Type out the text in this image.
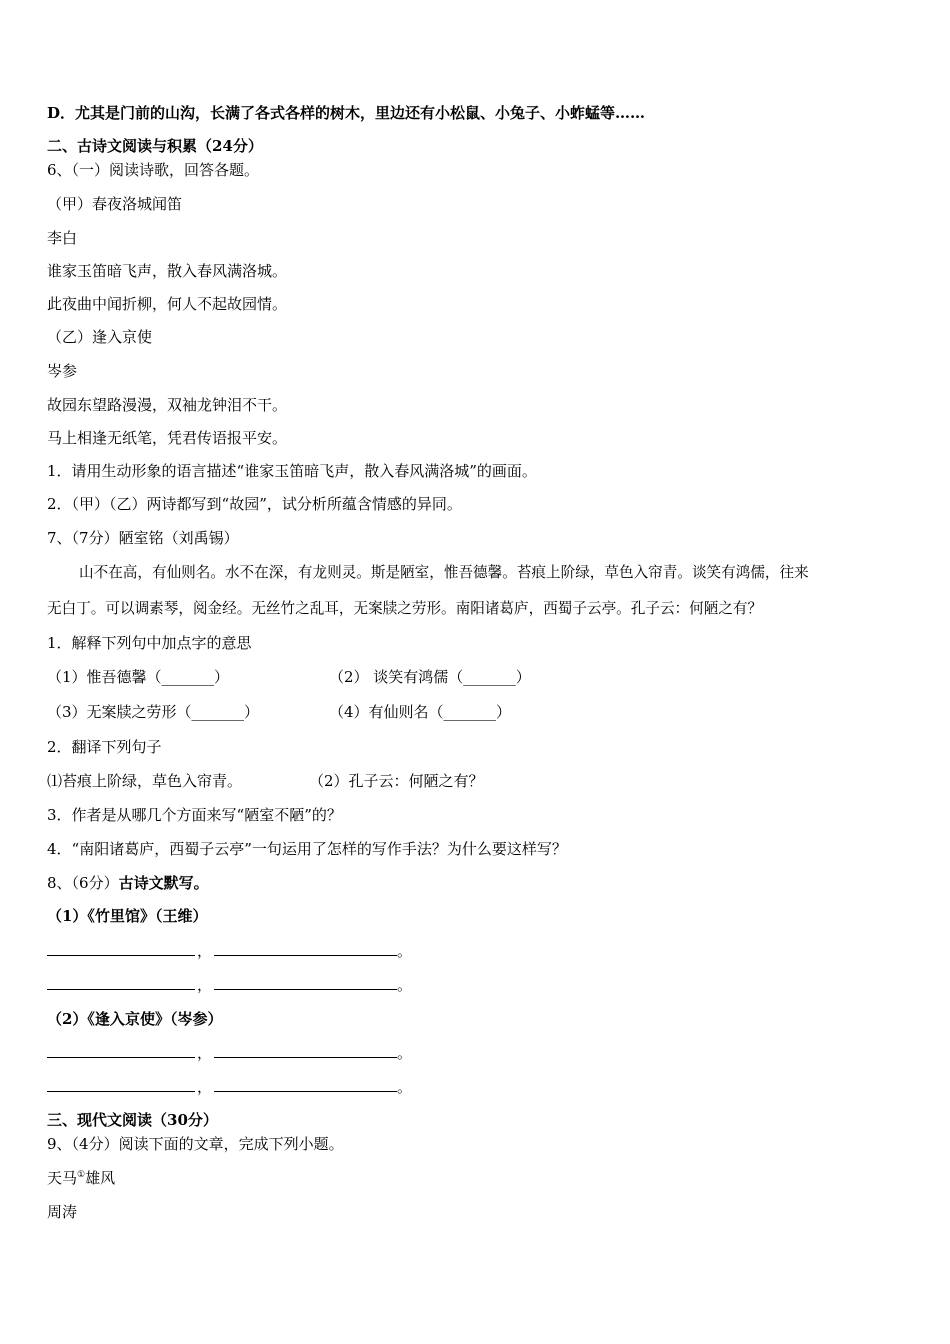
D．尤其是门前的山沟，长满了各式各样的树木，里边还有小松鼠、小兔子、小蚱蜢等……
二、古诗文阅读与积累（24分）
6、（一）阅读诗歌，回答各题。
（甲）春夜洛城闻笛
李白
谁家玉笛暗飞声，散入春风满洛城。
此夜曲中闻折柳，何人不起故园情。
（乙）逢入京使
岑参
故园东望路漫漫，双袖龙钟泪不干。
马上相逢无纸笔，凭君传语报平安。
1．请用生动形象的语言描述“谁家玉笛暗飞声，散入春风满洛城”的画面。
2．（甲）（乙）两诗都写到“故园”，试分析所蕴含情感的异同。
7、（7分）陋室铭（刘禹锡）
山不在高，有仙则名。水不在深，有龙则灵。斯是陋室，惟吾德馨。苔痕上阶绿，草色入帘青。谈笑有鸿儒，往来
无白丁。可以调素琴，阅金经。无丝竹之乱耳，无案牍之劳形。南阳诸葛庐，西蜀子云亭。孔子云：何陋之有？
1．解释下列句中加点字的意思
（1）惟吾德馨（_______）	（2） 谈笑有鸿儒（_______）
（3）无案牍之劳形（_______）	（4）有仙则名（_______）
2．翻译下列句子
⑴苔痕上阶绿，草色入帘青。	（2）孔子云：何陋之有？
3．作者是从哪几个方面来写“陋室不陋”的？
4．“南阳诸葛庐，西蜀子云亭”一句运用了怎样的写作手法？为什么要这样写？
8、（6分）古诗文默写。
（1）《竹里馆》（王维）
，	。
，	。
（2）《逢入京使》（岑参）
，	。
，	。
三、现代文阅读（30分）
9、（4分）阅读下面的文章，完成下列小题。
天马①雄风
周涛
